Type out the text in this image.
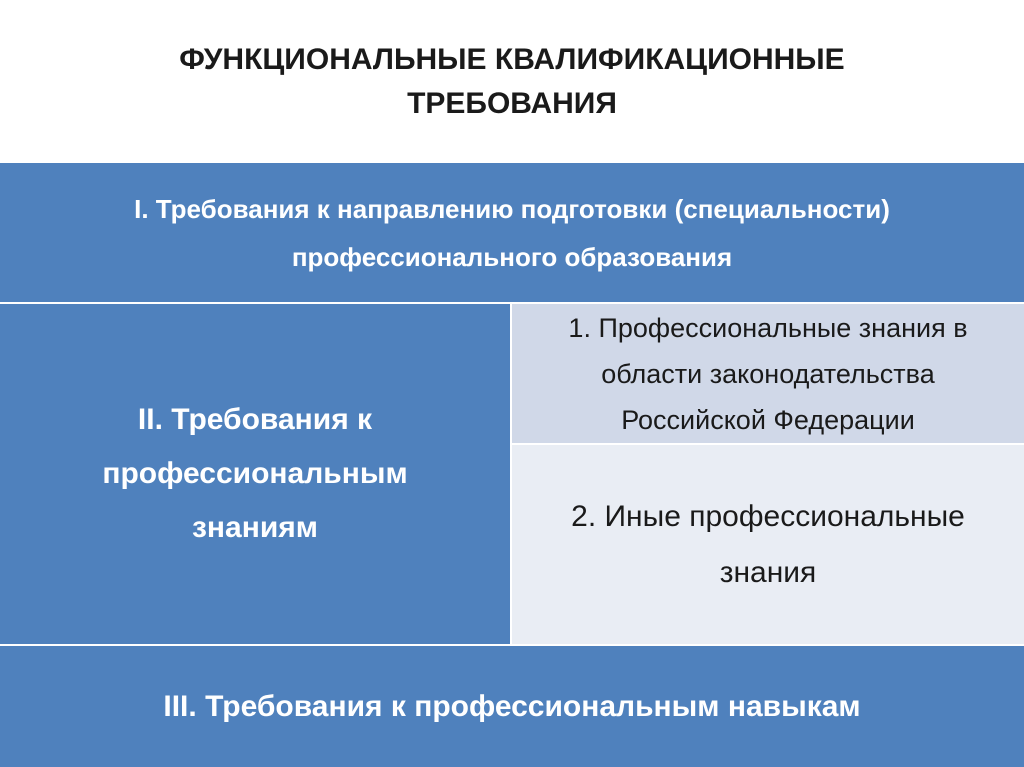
ФУНКЦИОНАЛЬНЫЕ КВАЛИФИКАЦИОННЫЕ
ТРЕБОВАНИЯ
I. Требования к направлению подготовки (специальности)
профессионального образования
II. Требования к
профессиональным
знаниям
1. Профессиональные знания в
области законодательства
Российской Федерации
2. Иные профессиональные
знания
III. Требования к профессиональным навыкам
